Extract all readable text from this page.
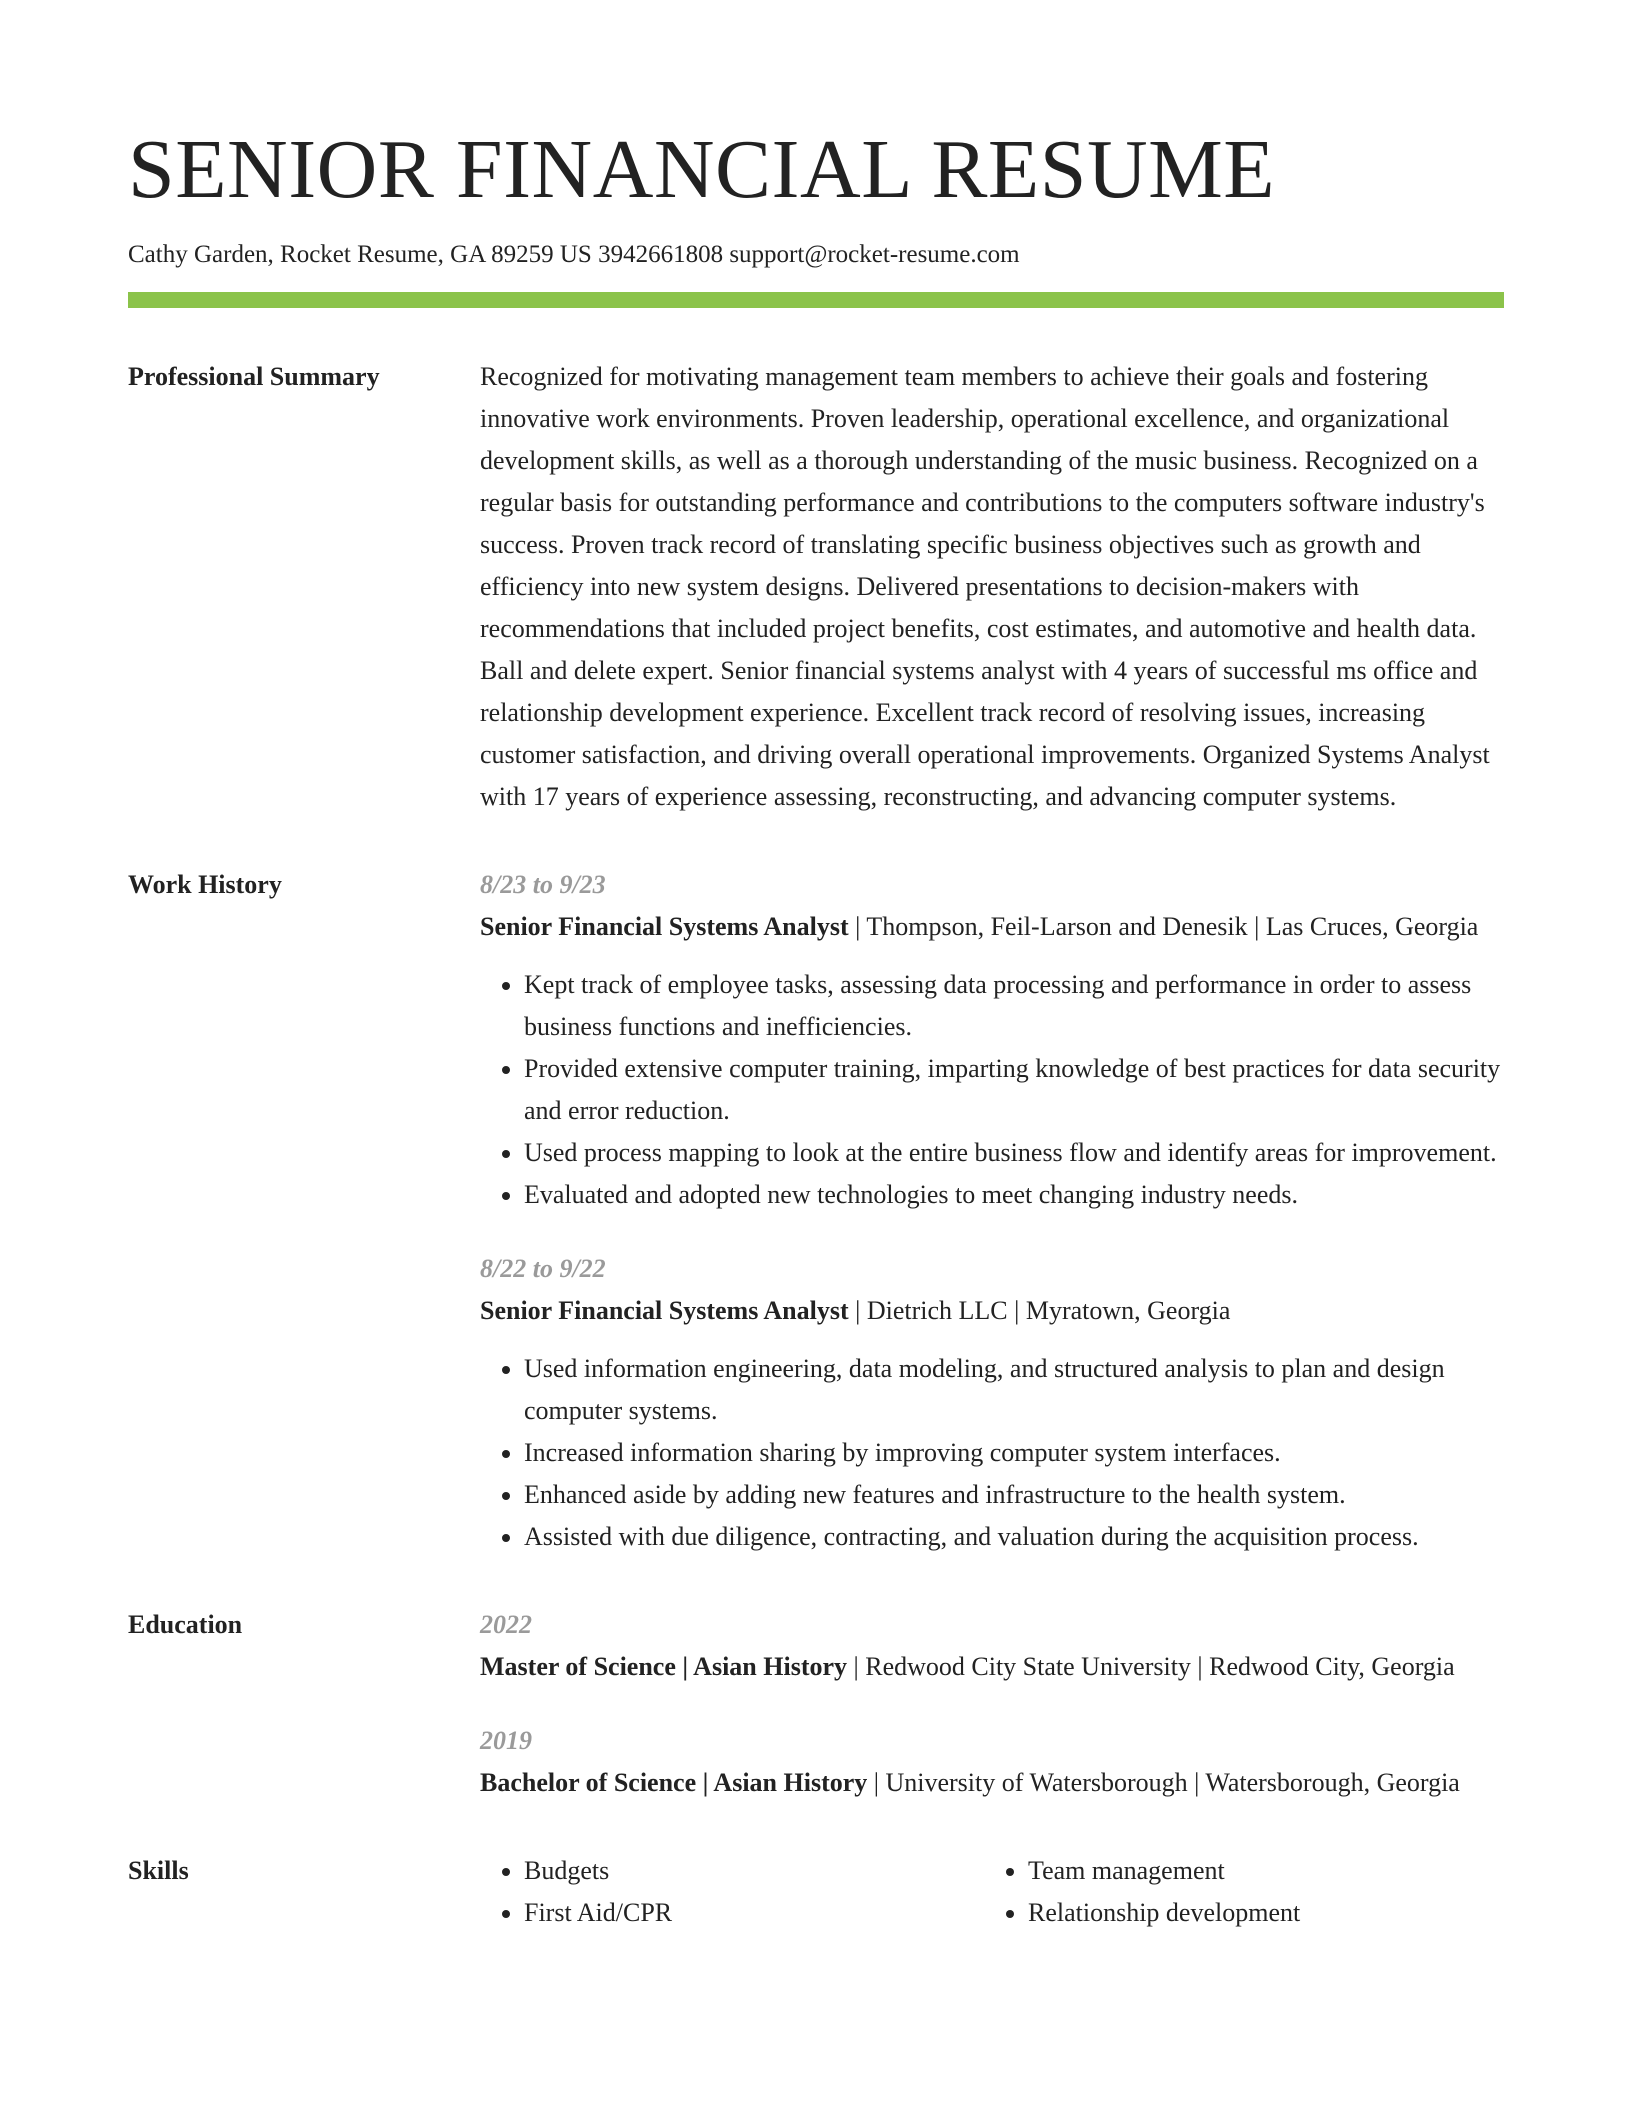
SENIOR FINANCIAL RESUME
Cathy Garden, Rocket Resume, GA 89259 US 3942661808 support@rocket-resume.com
Professional Summary	Recognized for motivating management team members to achieve their goals and fostering innovative work environments. Proven leadership, operational excellence, and organizational development skills, as well as a thorough understanding of the music business. Recognized on a regular basis for outstanding performance and contributions to the computers software industry's success. Proven track record of translating specific business objectives such as growth and efficiency into new system designs. Delivered presentations to decision-makers with recommendations that included project benefits, cost estimates, and automotive and health data. Ball and delete expert. Senior financial systems analyst with 4 years of successful ms office and relationship development experience. Excellent track record of resolving issues, increasing customer satisfaction, and driving overall operational improvements. Organized Systems Analyst with 17 years of experience assessing, reconstructing, and advancing computer systems.

Work History	8/23 to 9/23
Senior Financial Systems Analyst | Thompson, Feil-Larson and Denesik | Las Cruces, Georgia
• Kept track of employee tasks, assessing data processing and performance in order to assess business functions and inefficiencies.
• Provided extensive computer training, imparting knowledge of best practices for data security and error reduction.
• Used process mapping to look at the entire business flow and identify areas for improvement.
• Evaluated and adopted new technologies to meet changing industry needs.
8/22 to 9/22
Senior Financial Systems Analyst | Dietrich LLC | Myratown, Georgia
• Used information engineering, data modeling, and structured analysis to plan and design computer systems.
• Increased information sharing by improving computer system interfaces.
• Enhanced aside by adding new features and infrastructure to the health system.
• Assisted with due diligence, contracting, and valuation during the acquisition process.
Education	2022
Master of Science | Asian History | Redwood City State University | Redwood City, Georgia
2019
Bachelor of Science | Asian History | University of Watersborough | Watersborough, Georgia
Skills
•	Budgets
• First Aid/CPR
• Team management
• Relationship development
